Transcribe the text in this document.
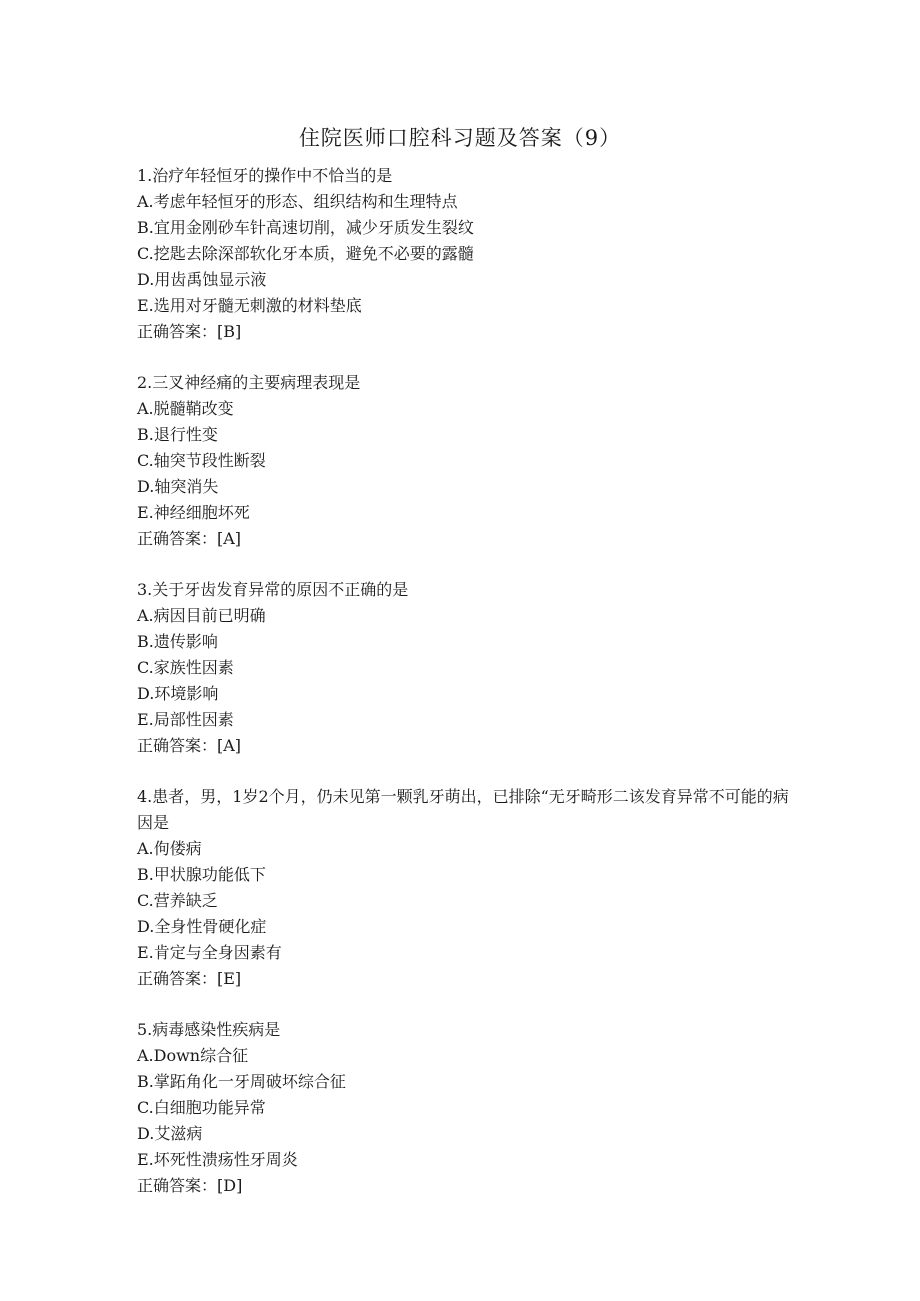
住院医师口腔科习题及答案（9）
1.治疗年轻恒牙的操作中不恰当的是
A.考虑年轻恒牙的形态、组织结构和生理特点
B.宜用金刚砂车针高速切削，减少牙质发生裂纹
C.挖匙去除深部软化牙本质，避免不必要的露髓
D.用齿禹蚀显示液
E.选用对牙髓无刺激的材料垫底
正确答案：[B]
2.三叉神经痛的主要病理表现是
A.脱髓鞘改变
B.退行性变
C.轴突节段性断裂
D.轴突消失
E.神经细胞坏死
正确答案：[A]
3.关于牙齿发育异常的原因不正确的是
A.病因目前已明确
B.遗传影响
C.家族性因素
D.环境影响
E.局部性因素
正确答案：[A]
4.患者，男，1岁2个月，仍未见第一颗乳牙萌出，已排除“无牙畸形二该发育异常不可能的病因是
A.佝偻病
B.甲状腺功能低下
C.营养缺乏
D.全身性骨硬化症
E.肯定与全身因素有
正确答案：[E]
5.病毒感染性疾病是
A.Down综合征
B.掌跖角化一牙周破坏综合征
C.白细胞功能异常
D.艾滋病
E.坏死性溃疡性牙周炎
正确答案：[D]
